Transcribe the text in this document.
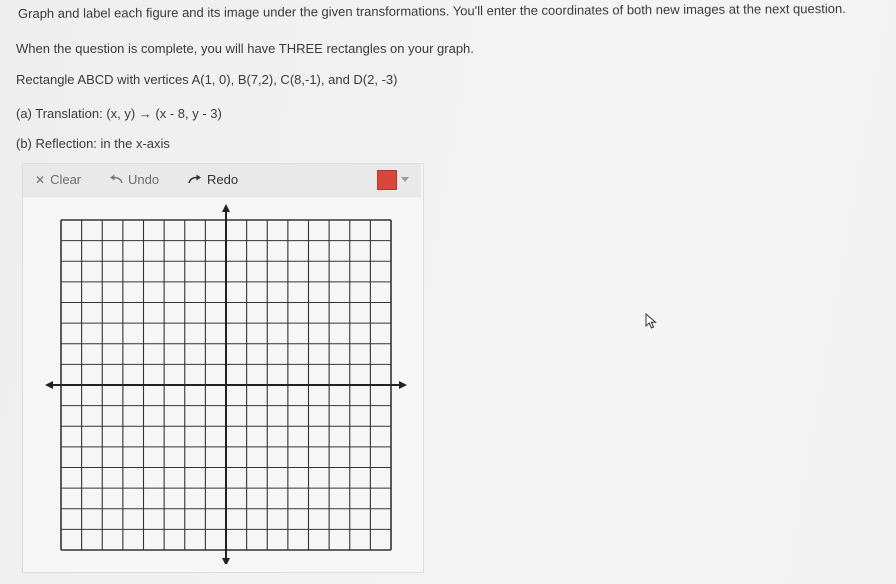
Graph and label each figure and its image under the given transformations. You'll enter the coordinates of both new images at the next question.
When the question is complete, you will have THREE rectangles on your graph.
Rectangle ABCD with vertices A(1, 0), B(7,2), C(8,-1), and D(2, -3)
(a) Translation: (x, y) → (x - 8, y - 3)
(b) Reflection: in the x-axis
✕ Clear	Undo	Redo
